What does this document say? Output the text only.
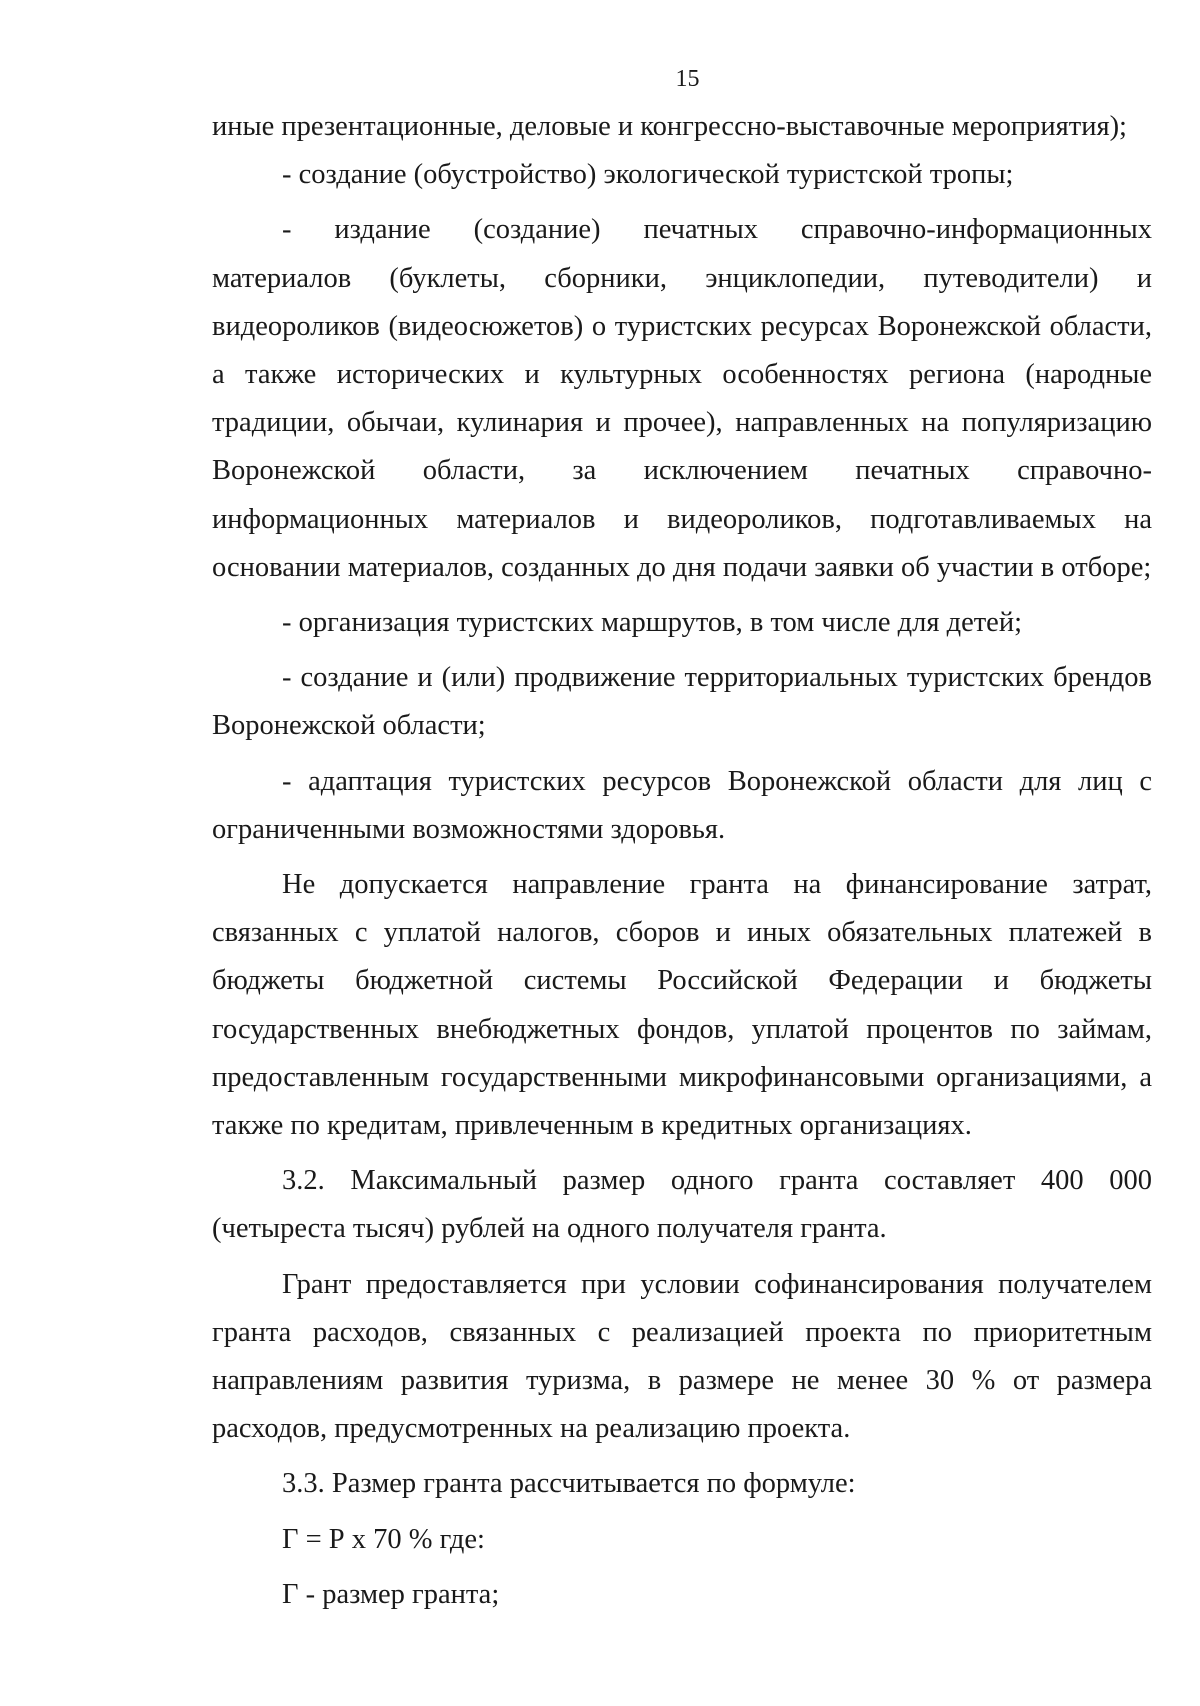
15

иные презентационные, деловые и конгрессно-выставочные мероприятия);

- создание (обустройство) экологической туристской тропы;

- издание (создание) печатных справочно-информационных материалов (буклеты, сборники, энциклопедии, путеводители) и видеороликов (видеосюжетов) о туристских ресурсах Воронежской области, а также исторических и культурных особенностях региона (народные традиции, обычаи, кулинария и прочее), направленных на популяризацию Воронежской области, за исключением печатных справочно-информационных материалов и видеороликов, подготавливаемых на основании материалов, созданных до дня подачи заявки об участии в отборе;

- организация туристских маршрутов, в том числе для детей;

- создание и (или) продвижение территориальных туристских брендов Воронежской области;

- адаптация туристских ресурсов Воронежской области для лиц с ограниченными возможностями здоровья.

Не допускается направление гранта на финансирование затрат, связанных с уплатой налогов, сборов и иных обязательных платежей в бюджеты бюджетной системы Российской Федерации и бюджеты государственных внебюджетных фондов, уплатой процентов по займам, предоставленным государственными микрофинансовыми организациями, а также по кредитам, привлеченным в кредитных организациях.

3.2. Максимальный размер одного гранта составляет 400 000 (четыреста тысяч) рублей на одного получателя гранта.

Грант предоставляется при условии софинансирования получателем гранта расходов, связанных с реализацией проекта по приоритетным направлениям развития туризма, в размере не менее 30 % от размера расходов, предусмотренных на реализацию проекта.

3.3. Размер гранта рассчитывается по формуле:

Г = Р х 70 % где:

Г - размер гранта;
